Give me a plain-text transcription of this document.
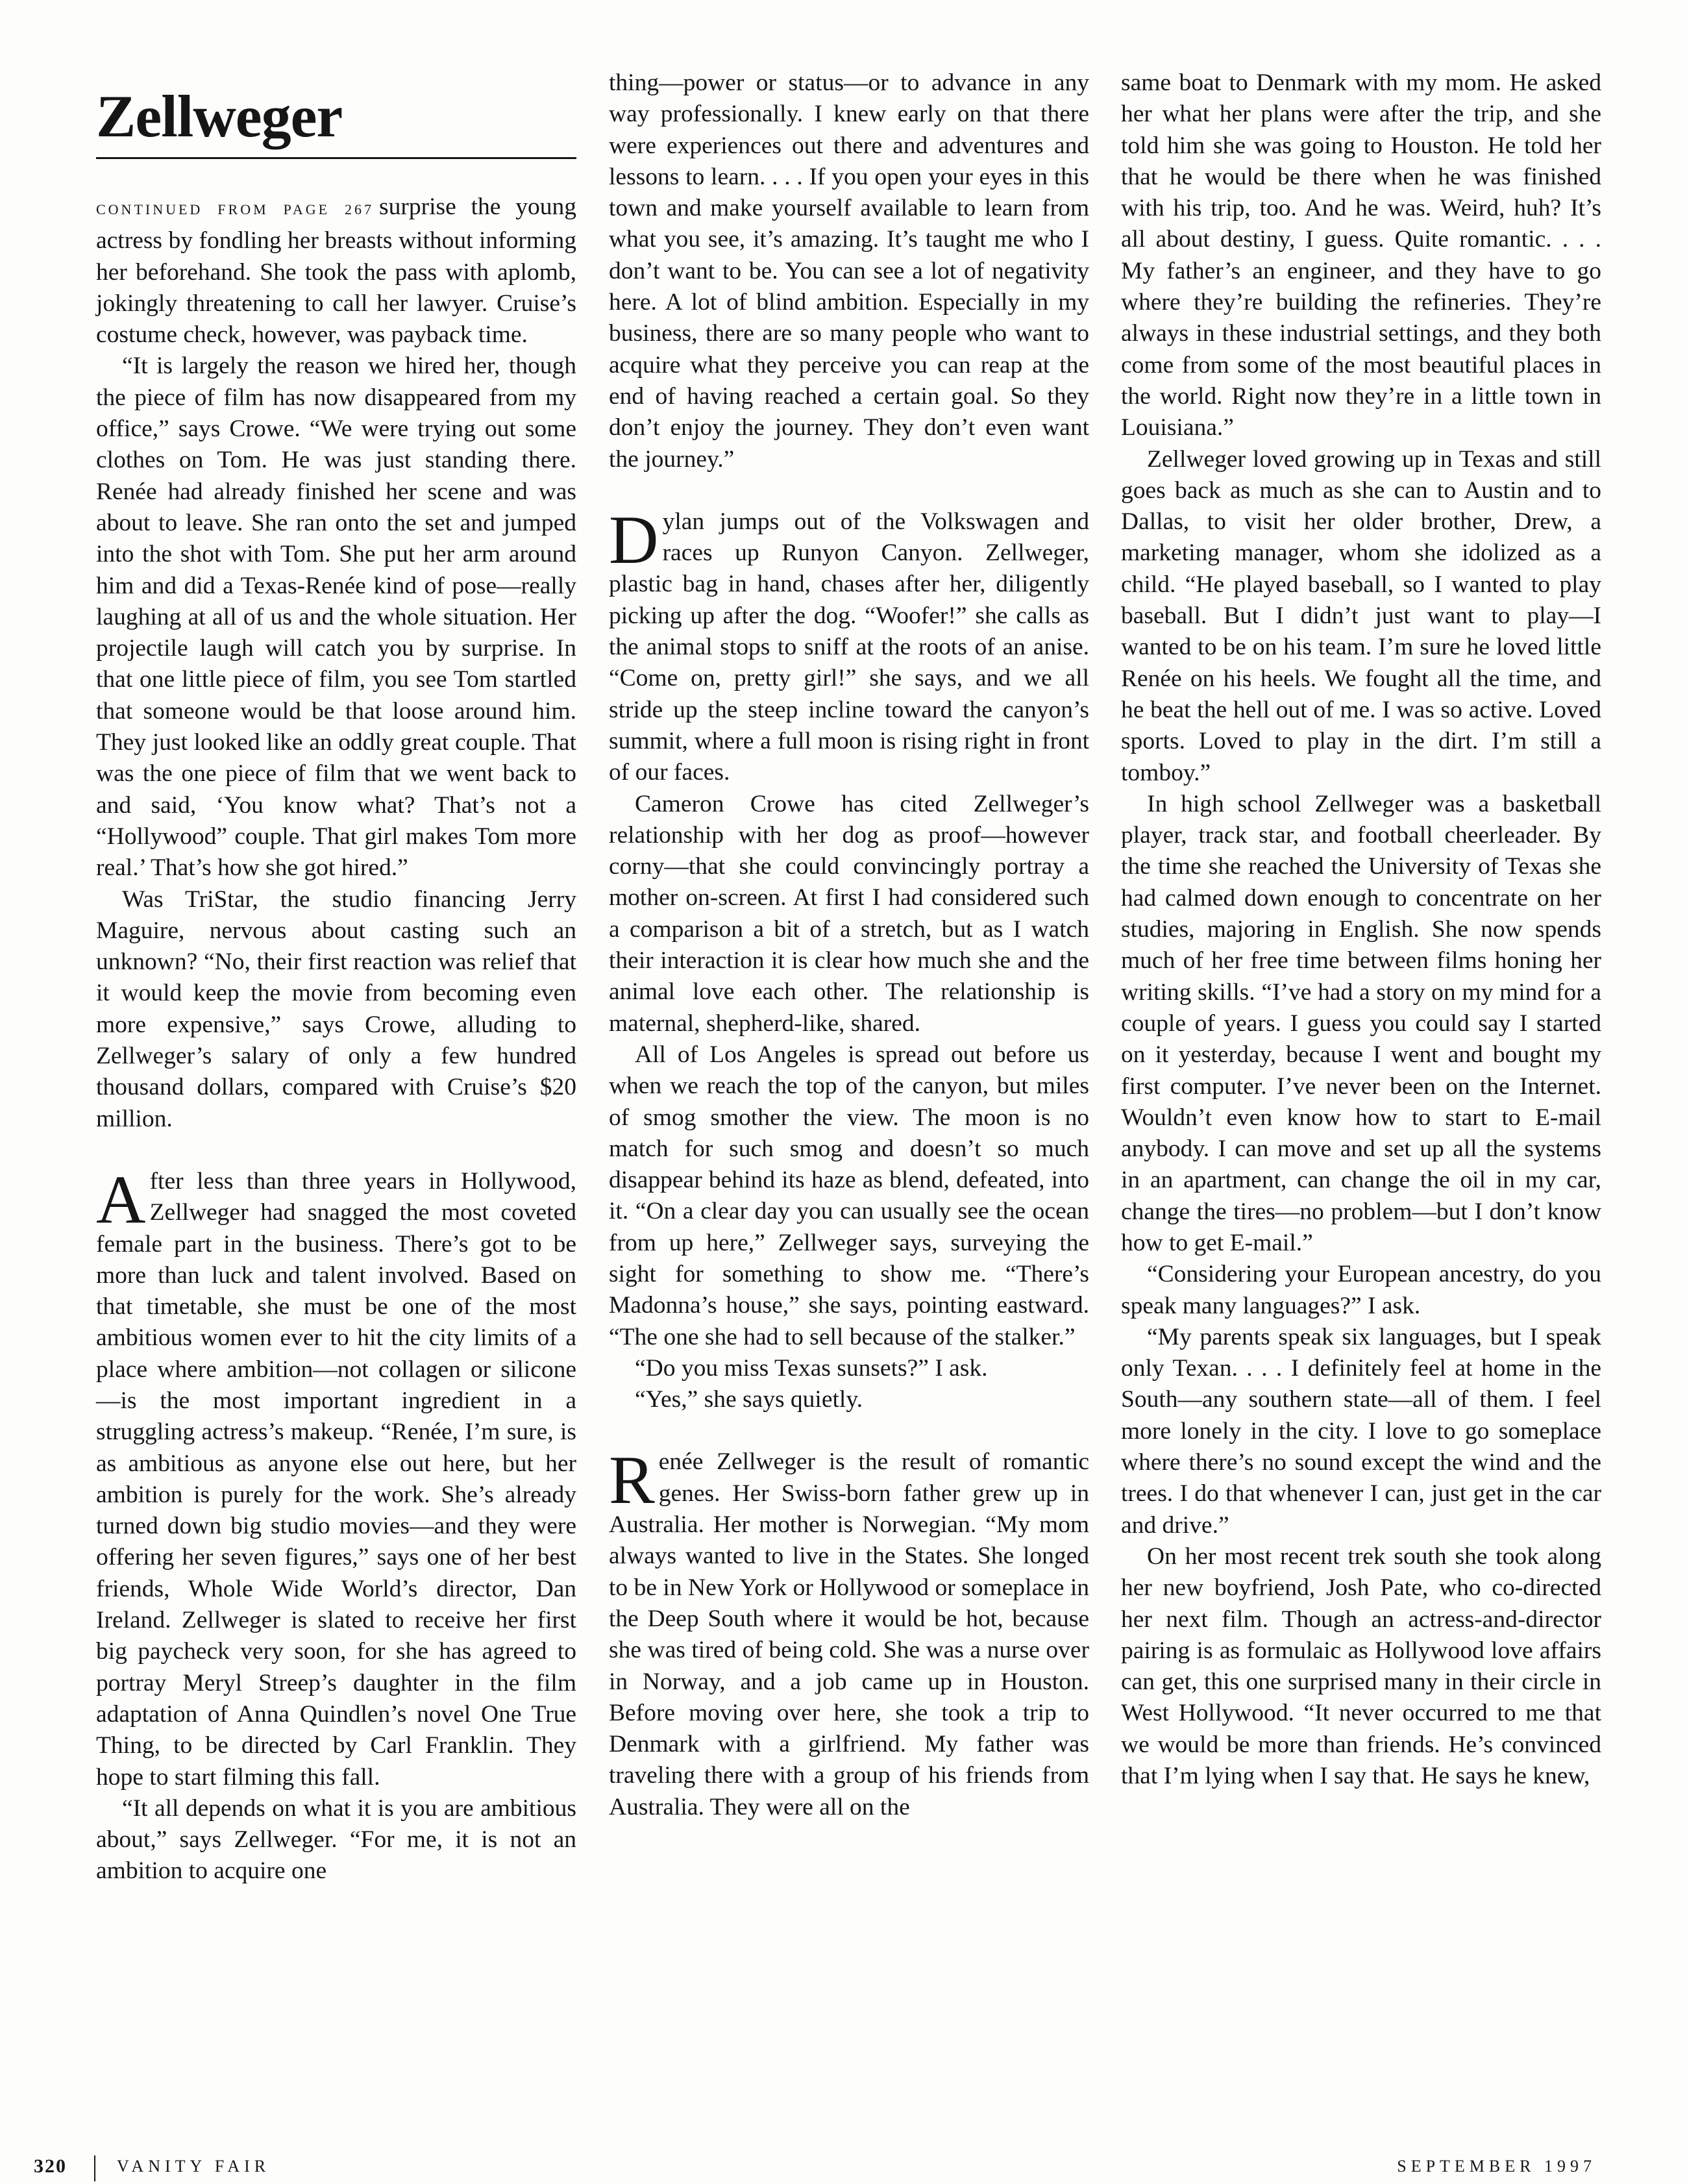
Zellweger

CONTINUED FROM PAGE 267 surprise the young actress by fondling her breasts without informing her beforehand. She took the pass with aplomb, jokingly threatening to call her lawyer. Cruise’s costume check, however, was payback time.

“It is largely the reason we hired her, though the piece of film has now disappeared from my office,” says Crowe. “We were trying out some clothes on Tom. He was just standing there. Renée had already finished her scene and was about to leave. She ran onto the set and jumped into the shot with Tom. She put her arm around him and did a Texas-Renée kind of pose—really laughing at all of us and the whole situation. Her projectile laugh will catch you by surprise. In that one little piece of film, you see Tom startled that someone would be that loose around him. They just looked like an oddly great couple. That was the one piece of film that we went back to and said, ‘You know what? That’s not a “Hollywood” couple. That girl makes Tom more real.’ That’s how she got hired.”

Was TriStar, the studio financing Jerry Maguire, nervous about casting such an unknown? “No, their first reaction was relief that it would keep the movie from becoming even more expensive,” says Crowe, alluding to Zellweger’s salary of only a few hundred thousand dollars, compared with Cruise’s $20 million.

After less than three years in Hollywood, Zellweger had snagged the most coveted female part in the business. There’s got to be more than luck and talent involved. Based on that timetable, she must be one of the most ambitious women ever to hit the city limits of a place where ambition—not collagen or silicone—is the most important ingredient in a struggling actress’s makeup. “Renée, I’m sure, is as ambitious as anyone else out here, but her ambition is purely for the work. She’s already turned down big studio movies—and they were offering her seven figures,” says one of her best friends, Whole Wide World’s director, Dan Ireland. Zellweger is slated to receive her first big paycheck very soon, for she has agreed to portray Meryl Streep’s daughter in the film adaptation of Anna Quindlen’s novel One True Thing, to be directed by Carl Franklin. They hope to start filming this fall.

“It all depends on what it is you are ambitious about,” says Zellweger. “For me, it is not an ambition to acquire one

thing—power or status—or to advance in any way professionally. I knew early on that there were experiences out there and adventures and lessons to learn. . . . If you open your eyes in this town and make yourself available to learn from what you see, it’s amazing. It’s taught me who I don’t want to be. You can see a lot of negativity here. A lot of blind ambition. Especially in my business, there are so many people who want to acquire what they perceive you can reap at the end of having reached a certain goal. So they don’t enjoy the journey. They don’t even want the journey.”

Dylan jumps out of the Volkswagen and races up Runyon Canyon. Zellweger, plastic bag in hand, chases after her, diligently picking up after the dog. “Woofer!” she calls as the animal stops to sniff at the roots of an anise. “Come on, pretty girl!” she says, and we all stride up the steep incline toward the canyon’s summit, where a full moon is rising right in front of our faces.

Cameron Crowe has cited Zellweger’s relationship with her dog as proof—however corny—that she could convincingly portray a mother on-screen. At first I had considered such a comparison a bit of a stretch, but as I watch their interaction it is clear how much she and the animal love each other. The relationship is maternal, shepherd-like, shared.

All of Los Angeles is spread out before us when we reach the top of the canyon, but miles of smog smother the view. The moon is no match for such smog and doesn’t so much disappear behind its haze as blend, defeated, into it. “On a clear day you can usually see the ocean from up here,” Zellweger says, surveying the sight for something to show me. “There’s Madonna’s house,” she says, pointing eastward. “The one she had to sell because of the stalker.”

“Do you miss Texas sunsets?” I ask.

“Yes,” she says quietly.

Renée Zellweger is the result of romantic genes. Her Swiss-born father grew up in Australia. Her mother is Norwegian. “My mom always wanted to live in the States. She longed to be in New York or Hollywood or someplace in the Deep South where it would be hot, because she was tired of being cold. She was a nurse over in Norway, and a job came up in Houston. Before moving over here, she took a trip to Denmark with a girlfriend. My father was traveling there with a group of his friends from Australia. They were all on the

same boat to Denmark with my mom. He asked her what her plans were after the trip, and she told him she was going to Houston. He told her that he would be there when he was finished with his trip, too. And he was. Weird, huh? It’s all about destiny, I guess. Quite romantic. . . . My father’s an engineer, and they have to go where they’re building the refineries. They’re always in these industrial settings, and they both come from some of the most beautiful places in the world. Right now they’re in a little town in Louisiana.”

Zellweger loved growing up in Texas and still goes back as much as she can to Austin and to Dallas, to visit her older brother, Drew, a marketing manager, whom she idolized as a child. “He played baseball, so I wanted to play baseball. But I didn’t just want to play—I wanted to be on his team. I’m sure he loved little Renée on his heels. We fought all the time, and he beat the hell out of me. I was so active. Loved sports. Loved to play in the dirt. I’m still a tomboy.”

In high school Zellweger was a basketball player, track star, and football cheerleader. By the time she reached the University of Texas she had calmed down enough to concentrate on her studies, majoring in English. She now spends much of her free time between films honing her writing skills. “I’ve had a story on my mind for a couple of years. I guess you could say I started on it yesterday, because I went and bought my first computer. I’ve never been on the Internet. Wouldn’t even know how to start to E-mail anybody. I can move and set up all the systems in an apartment, can change the oil in my car, change the tires—no problem—but I don’t know how to get E-mail.”

“Considering your European ancestry, do you speak many languages?” I ask.

“My parents speak six languages, but I speak only Texan. . . . I definitely feel at home in the South—any southern state—all of them. I feel more lonely in the city. I love to go someplace where there’s no sound except the wind and the trees. I do that whenever I can, just get in the car and drive.”

On her most recent trek south she took along her new boyfriend, Josh Pate, who co-directed her next film. Though an actress-and-director pairing is as formulaic as Hollywood love affairs can get, this one surprised many in their circle in West Hollywood. “It never occurred to me that we would be more than friends. He’s convinced that I’m lying when I say that. He says he knew,

320	VANITY FAIR	SEPTEMBER 1997
